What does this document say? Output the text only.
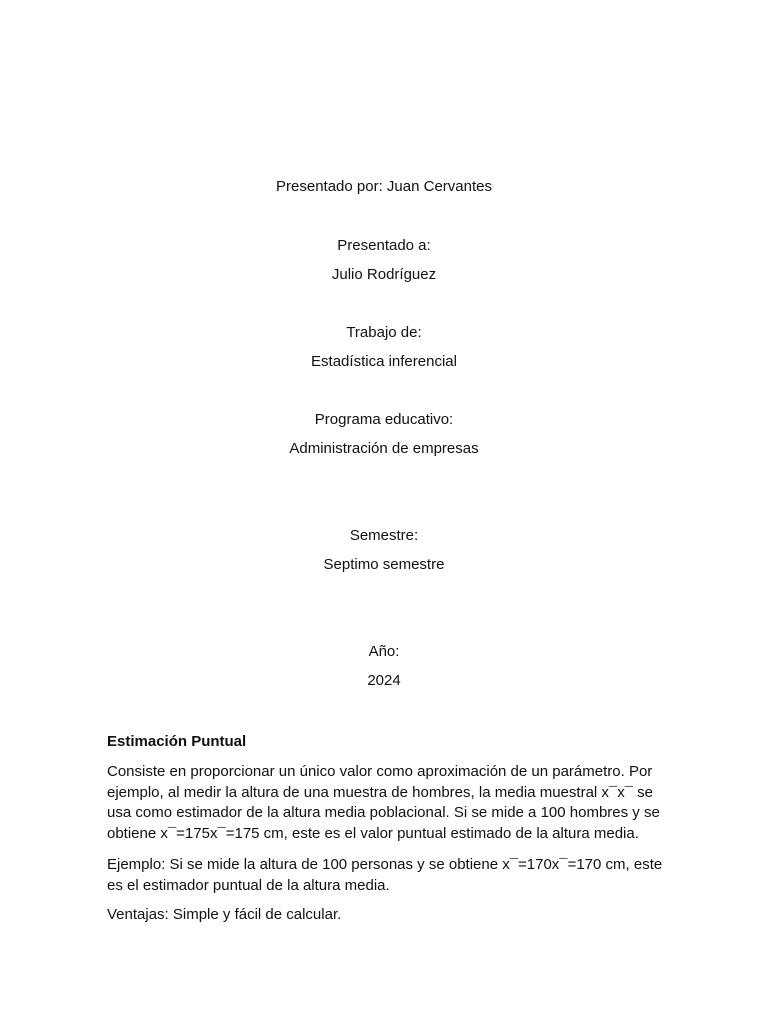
Presentado por: Juan Cervantes
Presentado a:
Julio Rodríguez
Trabajo de:
Estadística inferencial
Programa educativo:
Administración de empresas
Semestre:
Septimo semestre
Año:
2024
Estimación Puntual

Consiste en proporcionar un único valor como aproximación de un parámetro. Por ejemplo, al medir la altura de una muestra de hombres, la media muestral x¯x¯ se usa como estimador de la altura media poblacional. Si se mide a 100 hombres y se obtiene x¯=175x¯=175 cm, este es el valor puntual estimado de la altura media.

Ejemplo: Si se mide la altura de 100 personas y se obtiene x¯=170x¯=170 cm, este es el estimador puntual de la altura media.

Ventajas: Simple y fácil de calcular.
